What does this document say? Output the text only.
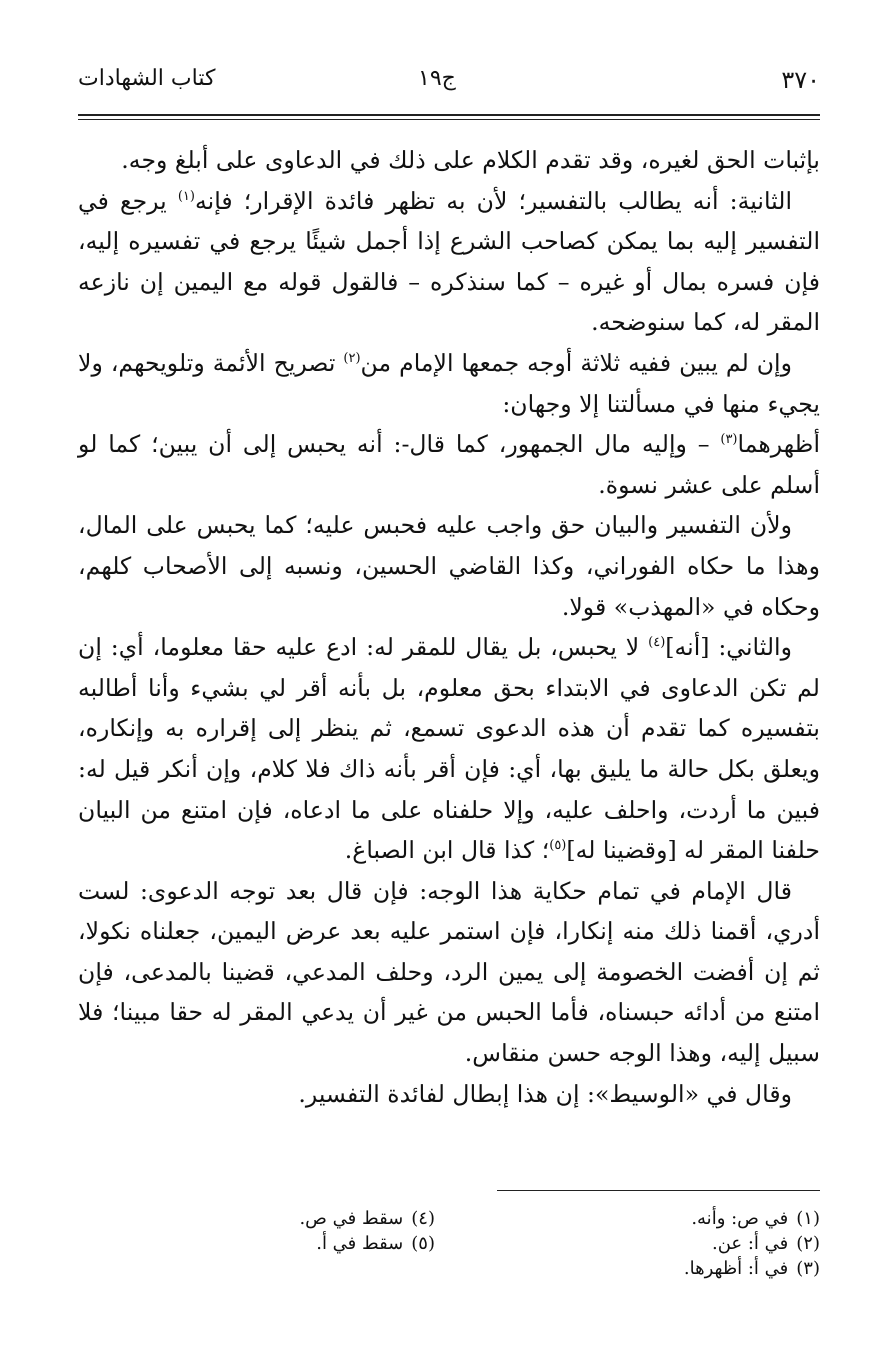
٣٧٠
ج١٩
كتاب الشهادات

بإثبات الحق لغيره، وقد تقدم الكلام على ذلك في الدعاوى على أبلغ وجه.

الثانية: أنه يطالب بالتفسير؛ لأن به تظهر فائدة الإقرار؛ فإنه$^{(١)}$ يرجع في التفسير إليه بما يمكن كصاحب الشرع إذا أجمل شيئًا يرجع في تفسيره إليه، فإن فسره بمال أو غيره – كما سنذكره – فالقول قوله مع اليمين إن نازعه المقر له، كما سنوضحه.

وإن لم يبين ففيه ثلاثة أوجه جمعها الإمام من$^{(٢)}$ تصريح الأئمة وتلويحهم، ولا يجيء منها في مسألتنا إلا وجهان:

أظهرهما$^{(٣)}$ – وإليه مال الجمهور، كما قال-: أنه يحبس إلى أن يبين؛ كما لو أسلم على عشر نسوة.

ولأن التفسير والبيان حق واجب عليه فحبس عليه؛ كما يحبس على المال، وهذا ما حكاه الفوراني، وكذا القاضي الحسين، ونسبه إلى الأصحاب كلهم، وحكاه في «المهذب» قولا.

والثاني: [أنه]$^{(٤)}$ لا يحبس، بل يقال للمقر له: ادع عليه حقا معلوما، أي: إن لم تكن الدعاوى في الابتداء بحق معلوم، بل بأنه أقر لي بشيء وأنا أطالبه بتفسيره كما تقدم أن هذه الدعوى تسمع، ثم ينظر إلى إقراره به وإنكاره، ويعلق بكل حالة ما يليق بها، أي: فإن أقر بأنه ذاك فلا كلام، وإن أنكر قيل له: فبين ما أردت، واحلف عليه، وإلا حلفناه على ما ادعاه، فإن امتنع من البيان حلفنا المقر له [وقضينا له]$^{(٥)}$؛ كذا قال ابن الصباغ.

قال الإمام في تمام حكاية هذا الوجه: فإن قال بعد توجه الدعوى: لست أدري، أقمنا ذلك منه إنكارا، فإن استمر عليه بعد عرض اليمين، جعلناه نكولا، ثم إن أفضت الخصومة إلى يمين الرد، وحلف المدعي، قضينا بالمدعى، فإن امتنع من أدائه حبسناه، فأما الحبس من غير أن يدعي المقر له حقا مبينا؛ فلا سبيل إليه، وهذا الوجه حسن منقاس.

وقال في «الوسيط»: إن هذا إبطال لفائدة التفسير.

(١)في ص: وأنه.
(٢)في أ: عن.
(٣)في أ: أظهرها.
(٤)سقط في ص.
(٥)سقط في أ.
